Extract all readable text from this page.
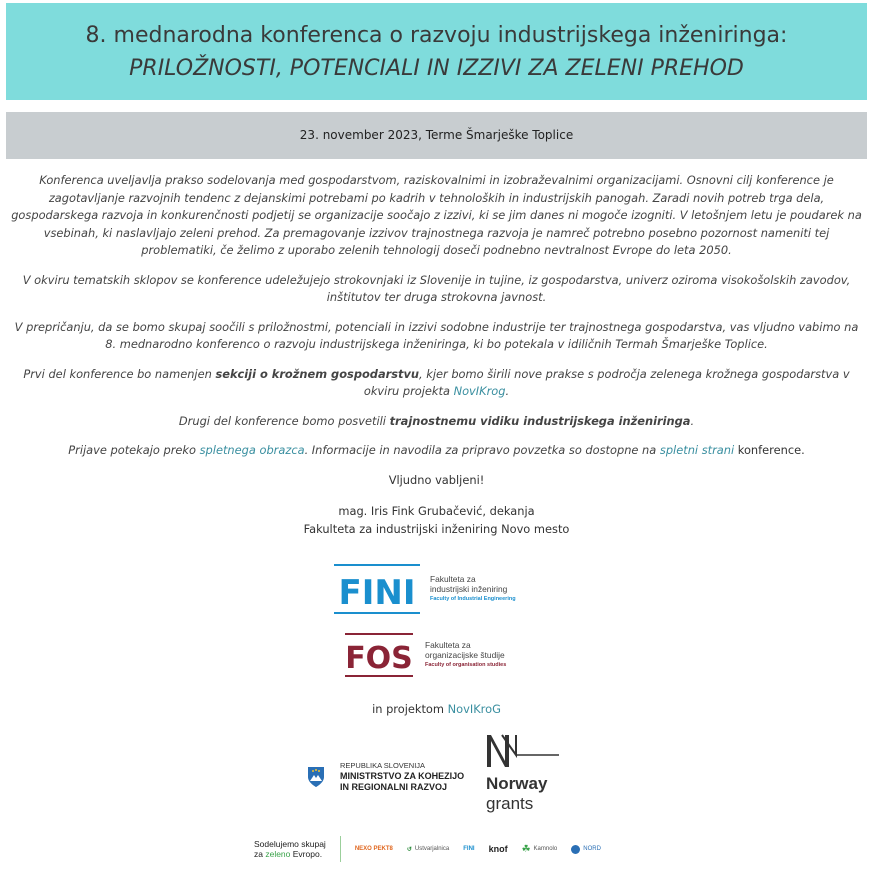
8. mednarodna konferenca o razvoju industrijskega inženiringa:
PRILOŽNOSTI, POTENCIALI IN IZZIVI ZA ZELENI PREHOD
23. november 2023, Terme Šmarješke Toplice

Konferenca uveljavlja prakso sodelovanja med gospodarstvom, raziskovalnimi in izobraževalnimi organizacijami. Osnovni cilj konference je zagotavljanje razvojnih tendenc z dejanskimi potrebami po kadrih v tehnoloških in industrijskih panogah. Zaradi novih potreb trga dela, gospodarskega razvoja in konkurenčnosti podjetij se organizacije soočajo z izzivi, ki se jim danes ni mogoče izogniti. V letošnjem letu je poudarek na vsebinah, ki naslavljajo zeleni prehod. Za premagovanje izzivov trajnostnega razvoja je namreč potrebno posebno pozornost nameniti tej problematiki, če želimo z uporabo zelenih tehnologij doseči podnebno nevtralnost Evrope do leta 2050.

V okviru tematskih sklopov se konference udeležujejo strokovnjaki iz Slovenije in tujine, iz gospodarstva, univerz oziroma visokošolskih zavodov, inštitutov ter druga strokovna javnost.

V prepričanju, da se bomo skupaj soočili s priložnostmi, potenciali in izzivi sodobne industrije ter trajnostnega gospodarstva, vas vljudno vabimo na 8. mednarodno konferenco o razvoju industrijskega inženiringa, ki bo potekala v idiličnih Termah Šmarješke Toplice.

Prvi del konference bo namenjen sekciji o krožnem gospodarstvu, kjer bomo širili nove prakse s področja zelenega krožnega gospodarstva v okviru projekta NovIKrog.

Drugi del konference bomo posvetili trajnostnemu vidiku industrijskega inženiringa.

Prijave potekajo preko spletnega obrazca. Informacije in navodila za pripravo povzetka so dostopne na spletni strani konference.

Vljudno vabljeni!

mag. Iris Fink Grubačević, dekanja
Fakulteta za industrijski inženiring Novo mesto
FINI Fakulteta za
industrijski inženiring
Faculty of Industrial Engineering
FOS Fakulteta za
organizacijske študije
Faculty of organisation studies
in projektom NovIKroG
REPUBLIKA SLOVENIJA
MINISTRSTVO ZA KOHEZIJO
IN REGIONALNI RAZVOJ	Norway
grants
Sodelujemo skupaj
za zeleno Evropo.	NEXO PEKT8 ↺ Ustvarjalnica FINI knof ☘ Kamnolo	NORD
